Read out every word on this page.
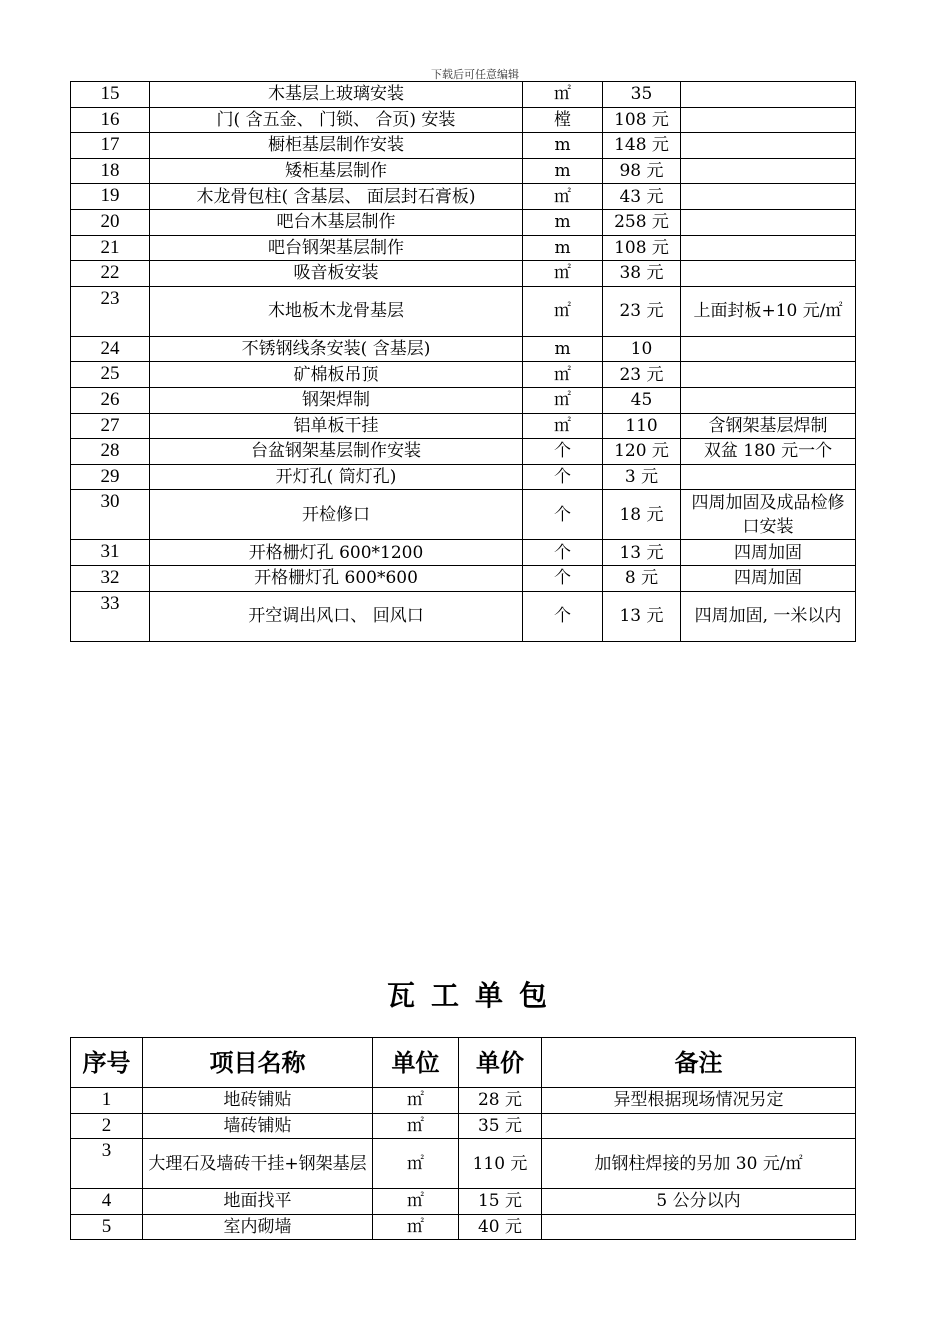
下载后可任意编辑
15	木基层上玻璃安装	㎡	35	
16	门( 含五金、 门锁、 合页) 安装	樘	108 元	
17	橱柜基层制作安装	m	148 元	
18	矮柜基层制作	m	98 元	
19	木龙骨包柱( 含基层、 面层封石膏板)	㎡	43 元	
20	吧台木基层制作	m	258 元	
21	吧台钢架基层制作	m	108 元	
22	吸音板安装	㎡	38 元	
23	木地板木龙骨基层	㎡	23 元	上面封板+10 元/㎡
24	不锈钢线条安装( 含基层)	m	10	
25	矿棉板吊顶	㎡	23 元	
26	钢架焊制	㎡	45	
27	铝单板干挂	㎡	110	含钢架基层焊制
28	台盆钢架基层制作安装	个	120 元	双盆 180 元一个
29	开灯孔( 筒灯孔)	个	3 元	
30	开检修口	个	18 元	四周加固及成品检修口安装
31	开格栅灯孔 600*1200	个	13 元	四周加固
32	开格栅灯孔 600*600	个	8 元	四周加固
33	开空调出风口、 回风口	个	13 元	四周加固, 一米以内
瓦工单包
序号	项目名称	单位	单价	备注
1	地砖铺贴	㎡	28 元	异型根据现场情况另定
2	墙砖铺贴	㎡	35 元	
3	大理石及墙砖干挂+钢架基层	㎡	110 元	加钢柱焊接的另加 30 元/㎡
4	地面找平	㎡	15 元	5 公分以内
5	室内砌墙	㎡	40 元	
